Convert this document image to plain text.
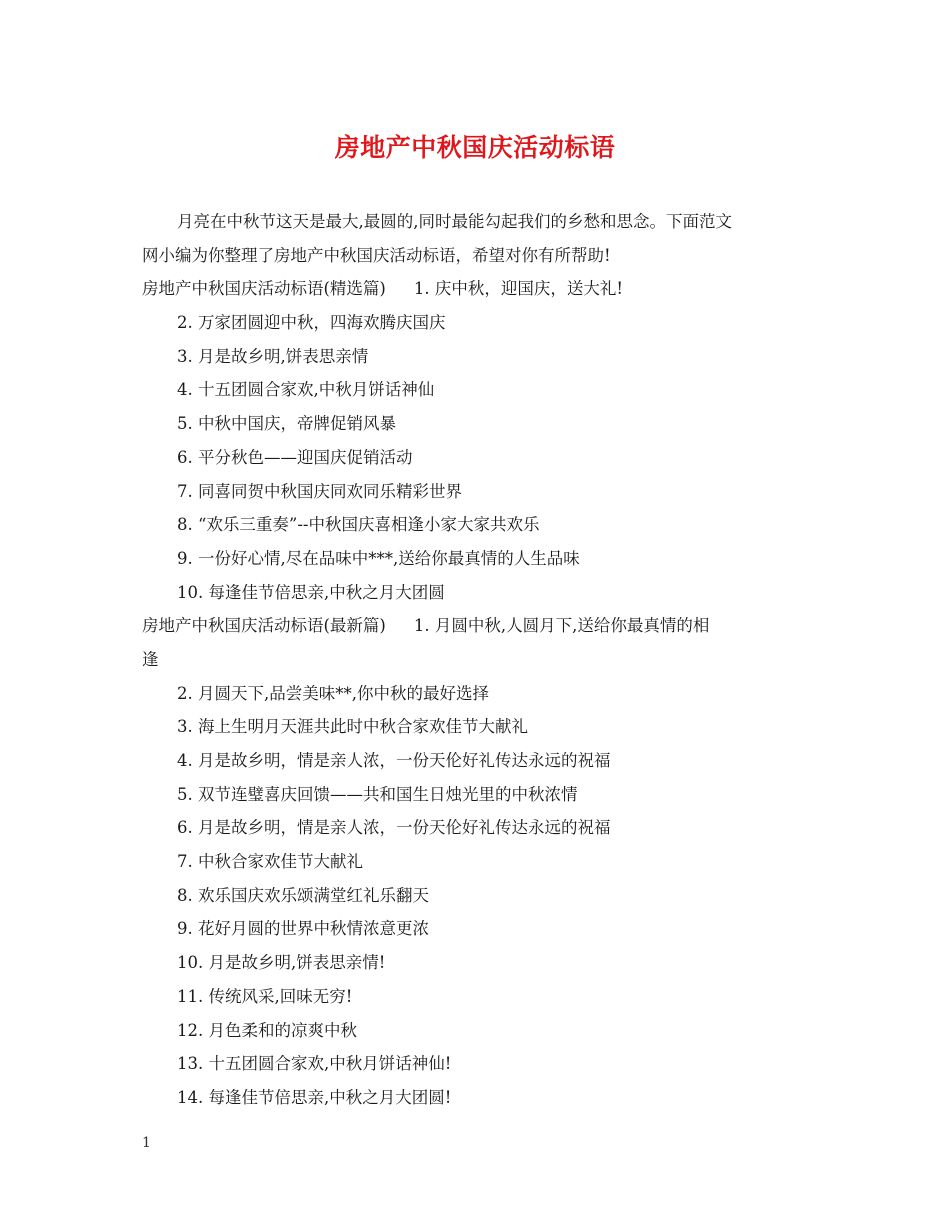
房地产中秋国庆活动标语
月亮在中秋节这天是最大,最圆的,同时最能勾起我们的乡愁和思念。下面范文
网小编为你整理了房地产中秋国庆活动标语，希望对你有所帮助!
房地产中秋国庆活动标语(精选篇) 1. 庆中秋，迎国庆，送大礼!
2. 万家团圆迎中秋，四海欢腾庆国庆
3. 月是故乡明,饼表思亲情
4. 十五团圆合家欢,中秋月饼话神仙
5. 中秋中国庆，帝牌促销风暴
6. 平分秋色——迎国庆促销活动
7. 同喜同贺中秋国庆同欢同乐精彩世界
8. “欢乐三重奏”--中秋国庆喜相逢小家大家共欢乐
9. 一份好心情,尽在品味中***,送给你最真情的人生品味
10. 每逢佳节倍思亲,中秋之月大团圆
房地产中秋国庆活动标语(最新篇) 1. 月圆中秋,人圆月下,送给你最真情的相
逢
2. 月圆天下,品尝美味**,你中秋的最好选择
3. 海上生明月天涯共此时中秋合家欢佳节大献礼
4. 月是故乡明，情是亲人浓，一份天伦好礼传达永远的祝福
5. 双节连璧喜庆回馈——共和国生日烛光里的中秋浓情
6. 月是故乡明，情是亲人浓，一份天伦好礼传达永远的祝福
7. 中秋合家欢佳节大献礼
8. 欢乐国庆欢乐颂满堂红礼乐翻天
9. 花好月圆的世界中秋情浓意更浓
10. 月是故乡明,饼表思亲情!
11. 传统风采,回味无穷!
12. 月色柔和的凉爽中秋
13. 十五团圆合家欢,中秋月饼话神仙!
14. 每逢佳节倍思亲,中秋之月大团圆!
1
